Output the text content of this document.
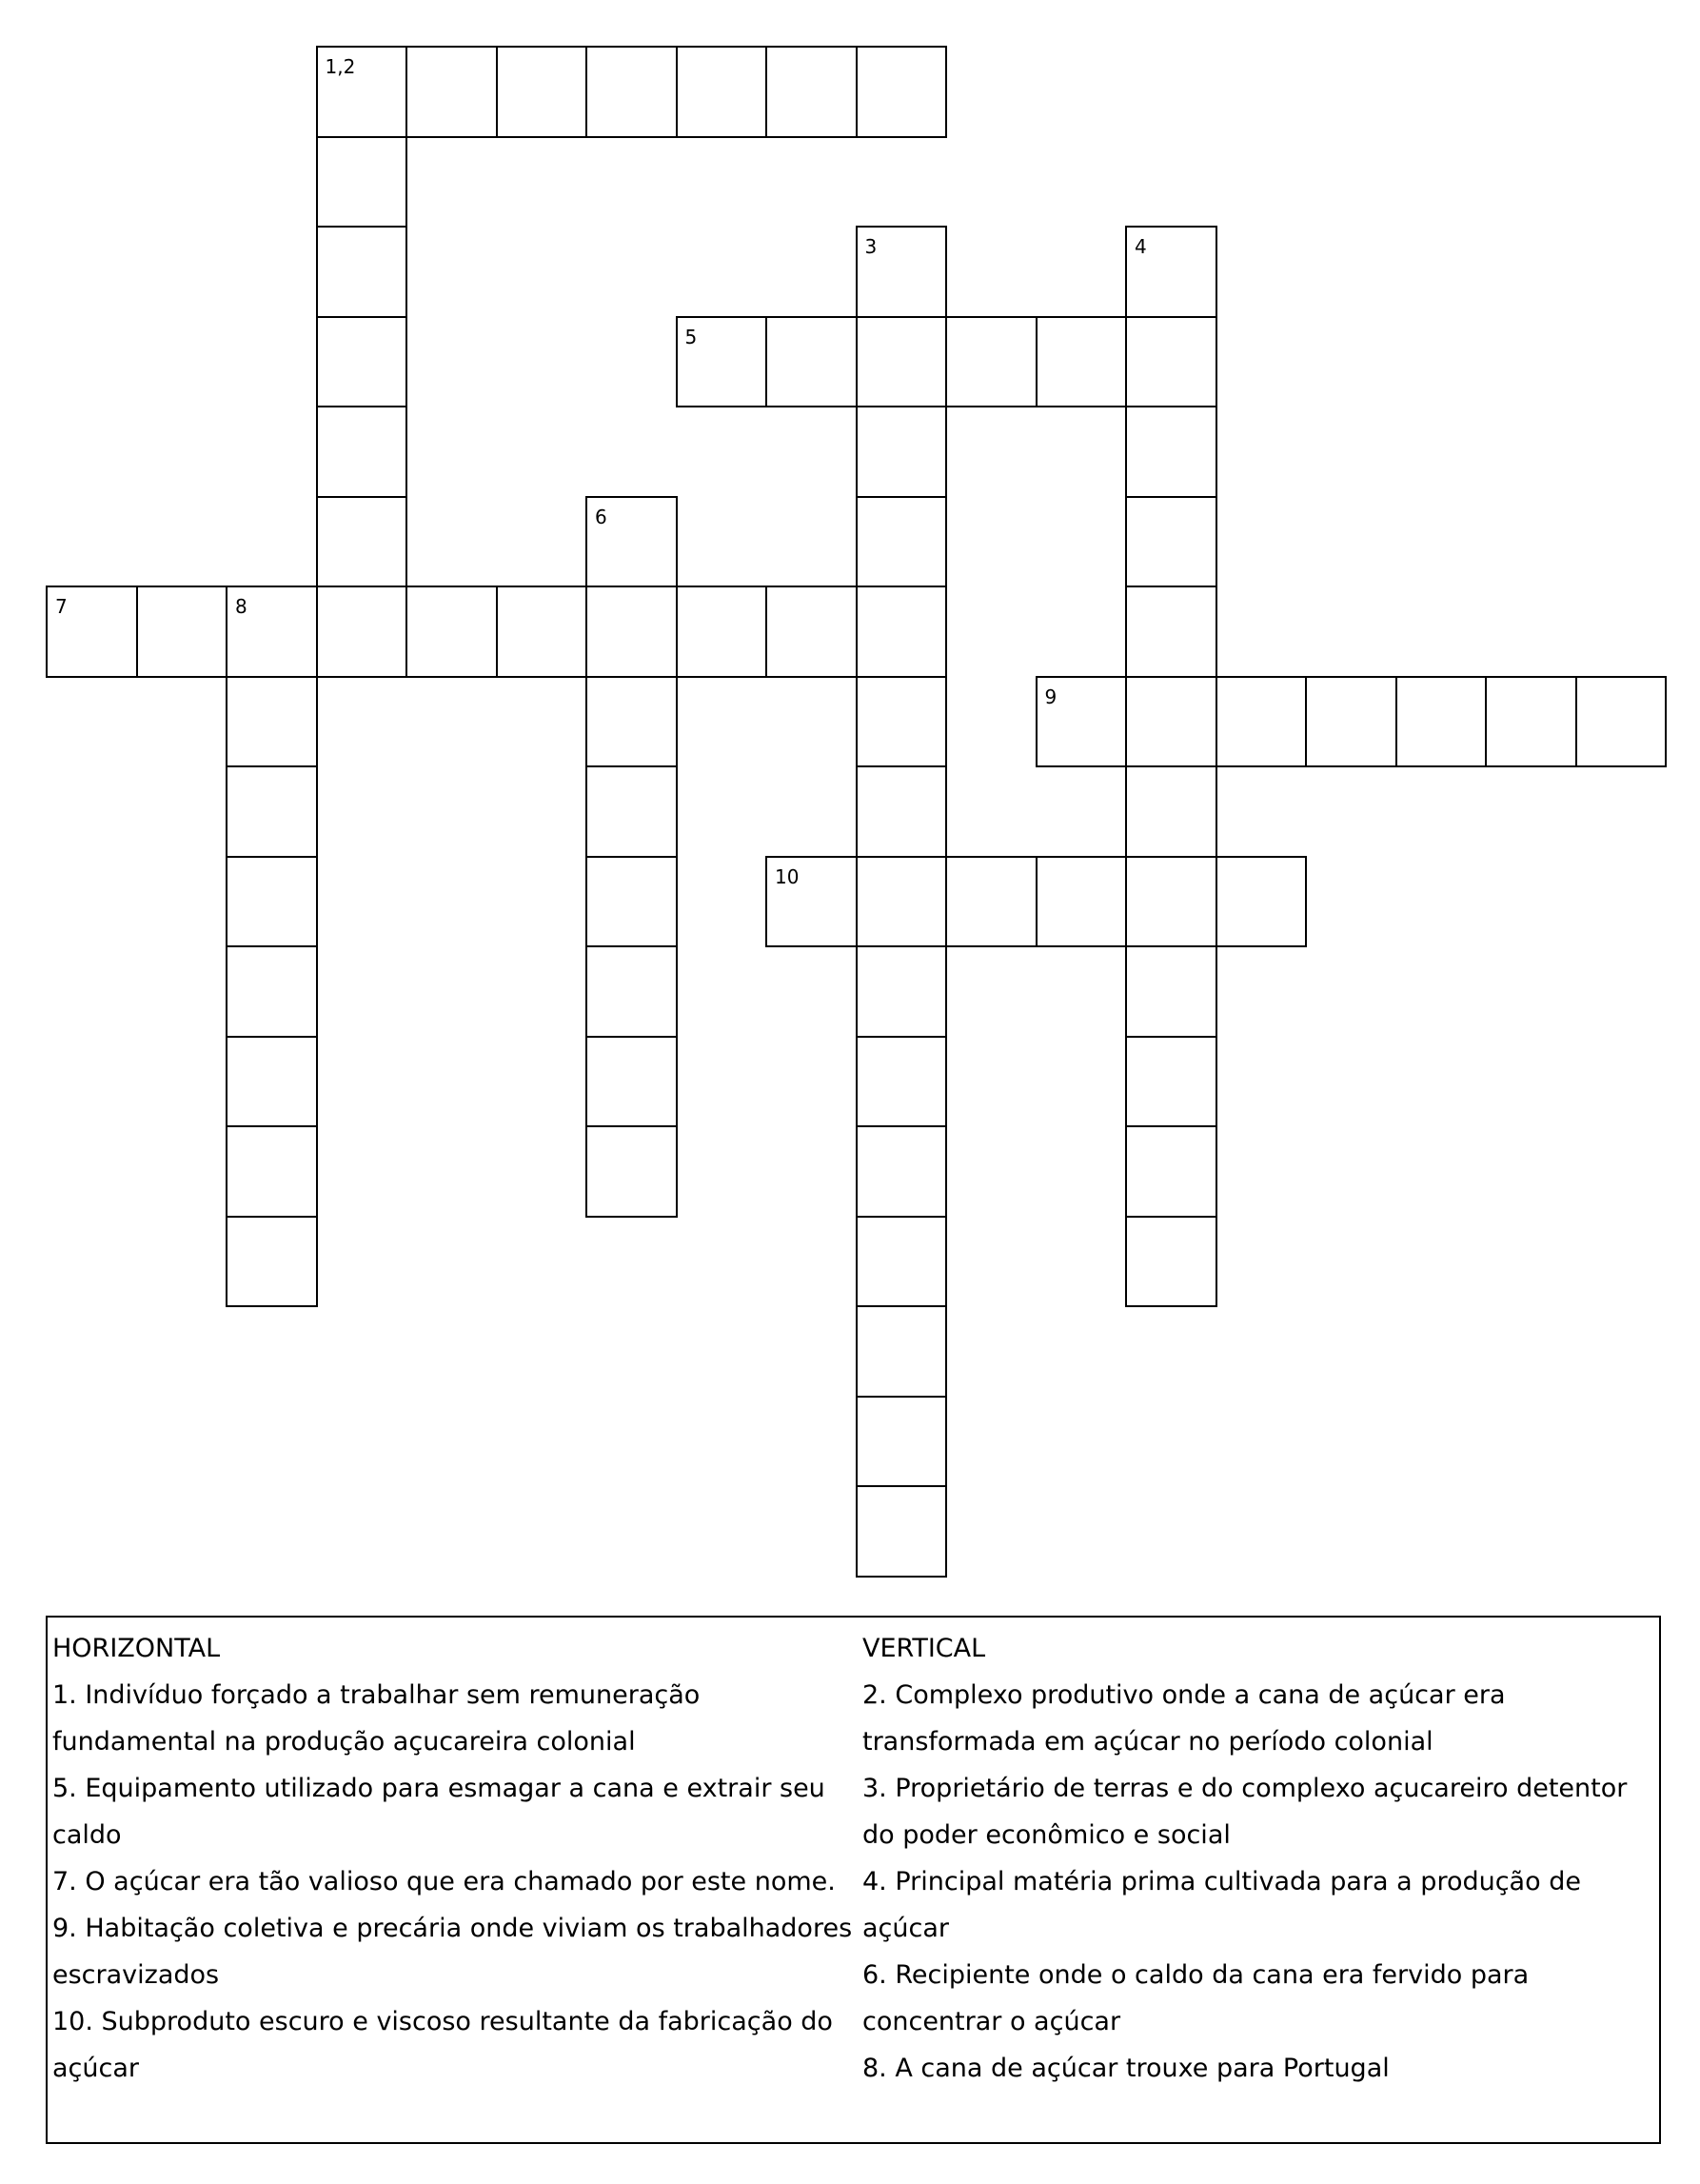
1,2
3	4
5
6
7	8
9
10
HORIZONTAL
1. Indivíduo forçado a trabalhar sem remuneração fundamental na produção açucareira colonial
5. Equipamento utilizado para esmagar a cana e extrair seu caldo
7. O açúcar era tão valioso que era chamado por este nome.
9. Habitação coletiva e precária onde viviam os trabalhadores escravizados
10. Subproduto escuro e viscoso resultante da fabricação do açúcar
VERTICAL
2. Complexo produtivo onde a cana de açúcar era transformada em açúcar no período colonial
3. Proprietário de terras e do complexo açucareiro detentor do poder econômico e social
4. Principal matéria prima cultivada para a produção de açúcar
6. Recipiente onde o caldo da cana era fervido para concentrar o açúcar
8. A cana de açúcar trouxe para Portugal
